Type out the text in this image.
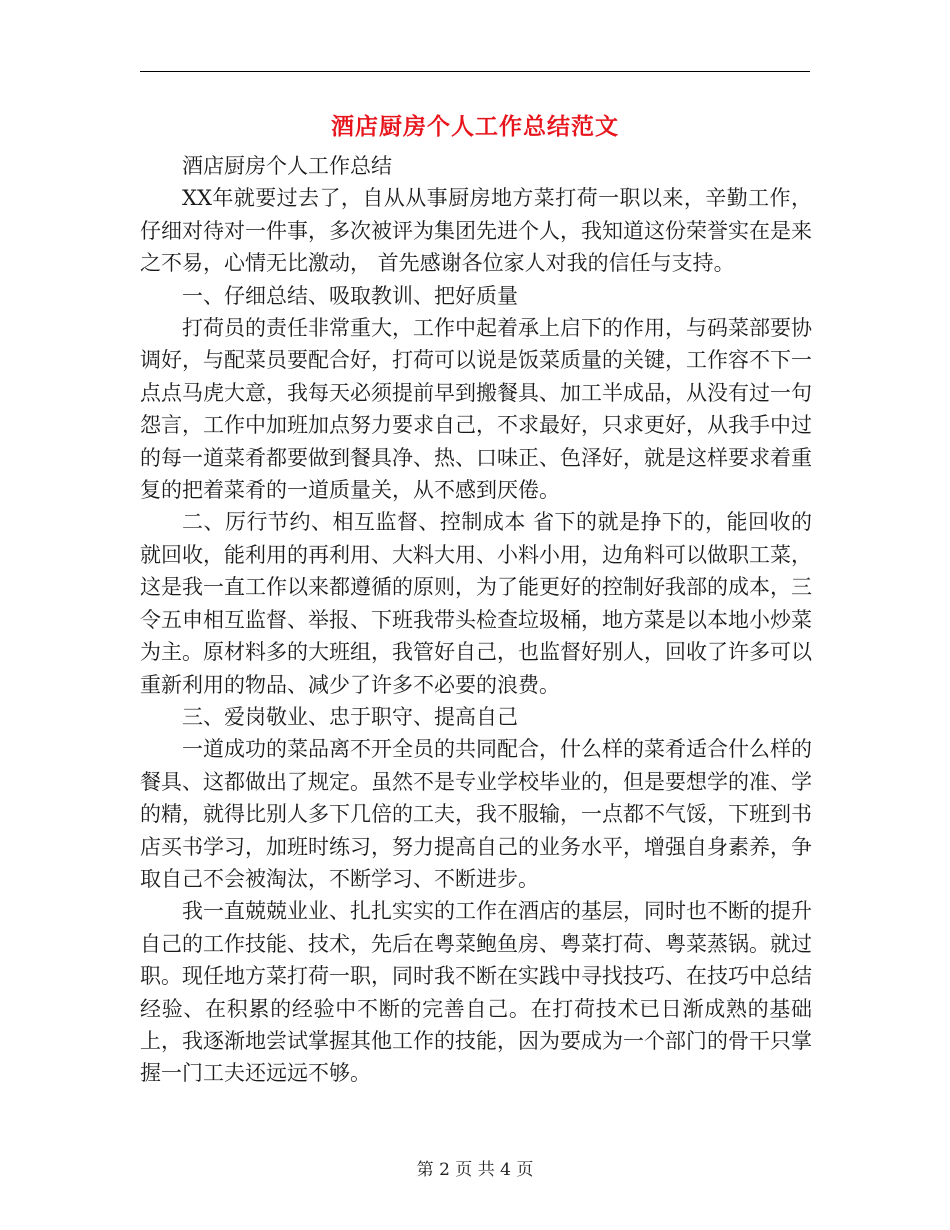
酒店厨房个人工作总结范文

酒店厨房个人工作总结

XX年就要过去了，自从从事厨房地方菜打荷一职以来，辛勤工作，仔细对待对一件事，多次被评为集团先进个人，我知道这份荣誉实在是来之不易，心情无比激动， 首先感谢各位家人对我的信任与支持。

一、仔细总结、吸取教训、把好质量

打荷员的责任非常重大，工作中起着承上启下的作用，与码菜部要协调好，与配菜员要配合好，打荷可以说是饭菜质量的关键，工作容不下一点点马虎大意，我每天必须提前早到搬餐具、加工半成品，从没有过一句怨言，工作中加班加点努力要求自己，不求最好，只求更好，从我手中过的每一道菜肴都要做到餐具净、热、口味正、色泽好，就是这样要求着重复的把着菜肴的一道质量关，从不感到厌倦。

二、厉行节约、相互监督、控制成本 省下的就是挣下的，能回收的就回收，能利用的再利用、大料大用、小料小用，边角料可以做职工菜，这是我一直工作以来都遵循的原则，为了能更好的控制好我部的成本，三令五申相互监督、举报、下班我带头检查垃圾桶，地方菜是以本地小炒菜为主。原材料多的大班组，我管好自己，也监督好别人，回收了许多可以重新利用的物品、减少了许多不必要的浪费。

三、爱岗敬业、忠于职守、提高自己

一道成功的菜品离不开全员的共同配合，什么样的菜肴适合什么样的餐具、这都做出了规定。虽然不是专业学校毕业的，但是要想学的准、学的精，就得比别人多下几倍的工夫，我不服输，一点都不气馁，下班到书店买书学习，加班时练习，努力提高自己的业务水平，增强自身素养，争取自己不会被淘汰，不断学习、不断进步。

我一直兢兢业业、扎扎实实的工作在酒店的基层，同时也不断的提升自己的工作技能、技术，先后在粤菜鲍鱼房、粤菜打荷、粤菜蒸锅。就过职。现任地方菜打荷一职，同时我不断在实践中寻找技巧、在技巧中总结经验、在积累的经验中不断的完善自己。在打荷技术已日渐成熟的基础上，我逐渐地尝试掌握其他工作的技能，因为要成为一个部门的骨干只掌握一门工夫还远远不够。

第 2 页 共 4 页
